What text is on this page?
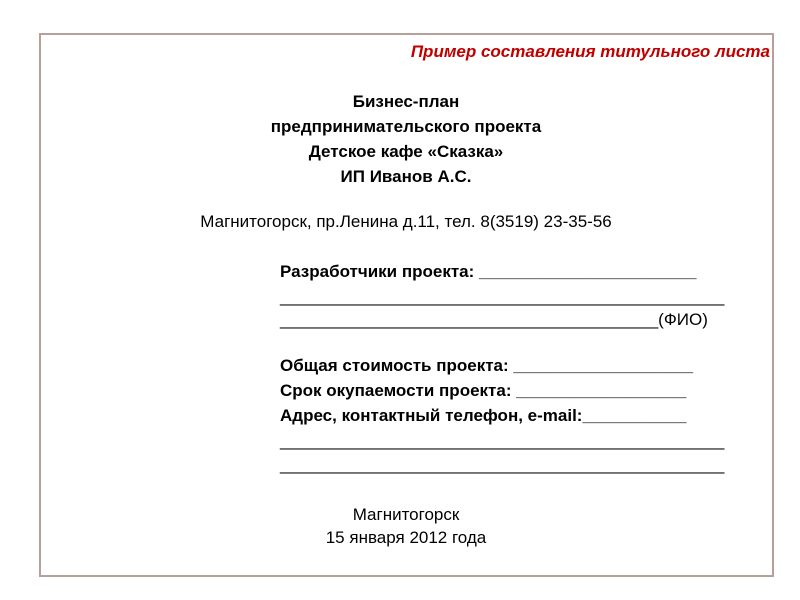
Пример составления титульного листа
Бизнес-план
предпринимательского проекта
Детское кафе «Сказка»
ИП Иванов А.С.
Магнитогорск, пр.Ленина д.11, тел. 8(3519) 23-35-56
Разработчики проекта: _______________________
_______________________________________________
________________________________________(ФИО)
Общая стоимость проекта: ___________________
Срок окупаемости проекта: __________________
Адрес, контактный телефон, e-mail:___________
_______________________________________________
_______________________________________________
Магнитогорск
15 января 2012 года
